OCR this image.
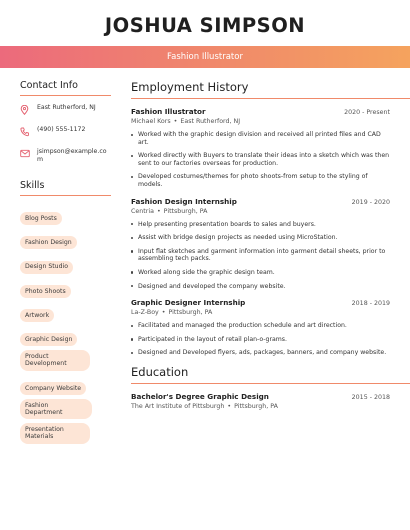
JOSHUA SIMPSON
Fashion Illustrator
Contact Info
East Rutherford, NJ
(490) 555-1172
jsimpson@example.com
Skills
Blog Posts
Fashion Design
Design Studio
Photo Shoots
Artwork
Graphic Design
Product Development
Company Website
Fashion Department
Presentation Materials
Employment History
Fashion Illustrator	2020 - Present
Michael Kors • East Rutherford, NJ
Worked with the graphic design division and received all printed files and CAD art.
Worked directly with Buyers to translate their ideas into a sketch which was then sent to our factories overseas for production.
Developed costumes/themes for photo shoots-from setup to the styling of models.
Fashion Design Internship	2019 - 2020
Centria • Pittsburgh, PA
Help presenting presentation boards to sales and buyers.
Assist with bridge design projects as needed using MicroStation.
Input flat sketches and garment information into garment detail sheets, prior to assembling tech packs.
Worked along side the graphic design team.
Designed and developed the company website.
Graphic Designer Internship	2018 - 2019
La-Z-Boy • Pittsburgh, PA
Facilitated and managed the production schedule and art direction.
Participated in the layout of retail plan-o-grams.
Designed and Developed flyers, ads, packages, banners, and company website.
Education
Bachelor's Degree Graphic Design	2015 - 2018
The Art Institute of Pittsburgh • Pittsburgh, PA
